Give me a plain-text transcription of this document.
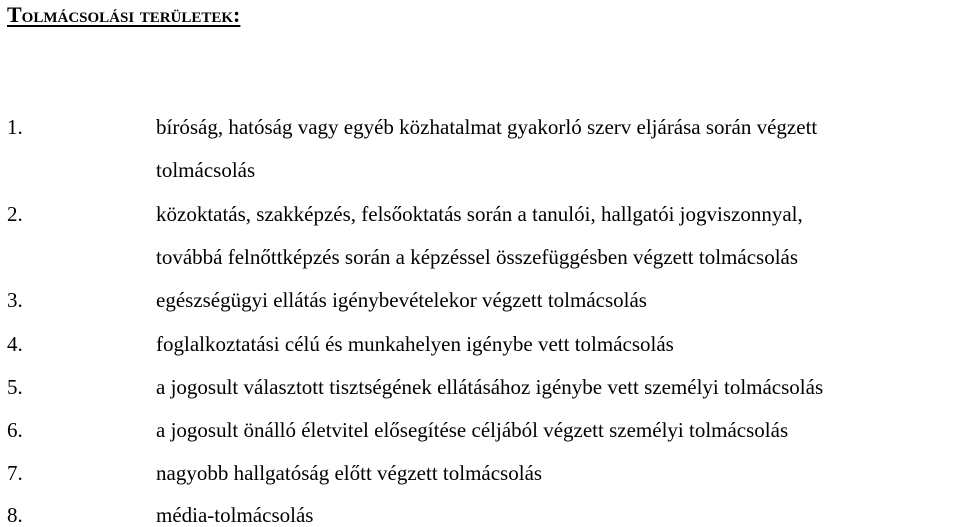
Tolmácsolási területek:
1.	bíróság, hatóság vagy egyéb közhatalmat gyakorló szerv eljárása során végzett
tolmácsolás
2.	közoktatás, szakképzés, felsőoktatás során a tanulói, hallgatói jogviszonnyal,
továbbá felnőttképzés során a képzéssel összefüggésben végzett tolmácsolás
3.	egészségügyi ellátás igénybevételekor végzett tolmácsolás
4.	foglalkoztatási célú és munkahelyen igénybe vett tolmácsolás
5.	a jogosult választott tisztségének ellátásához igénybe vett személyi tolmácsolás
6.	a jogosult önálló életvitel elősegítése céljából végzett személyi tolmácsolás
7.	nagyobb hallgatóság előtt végzett tolmácsolás
8.	média-tolmácsolás
